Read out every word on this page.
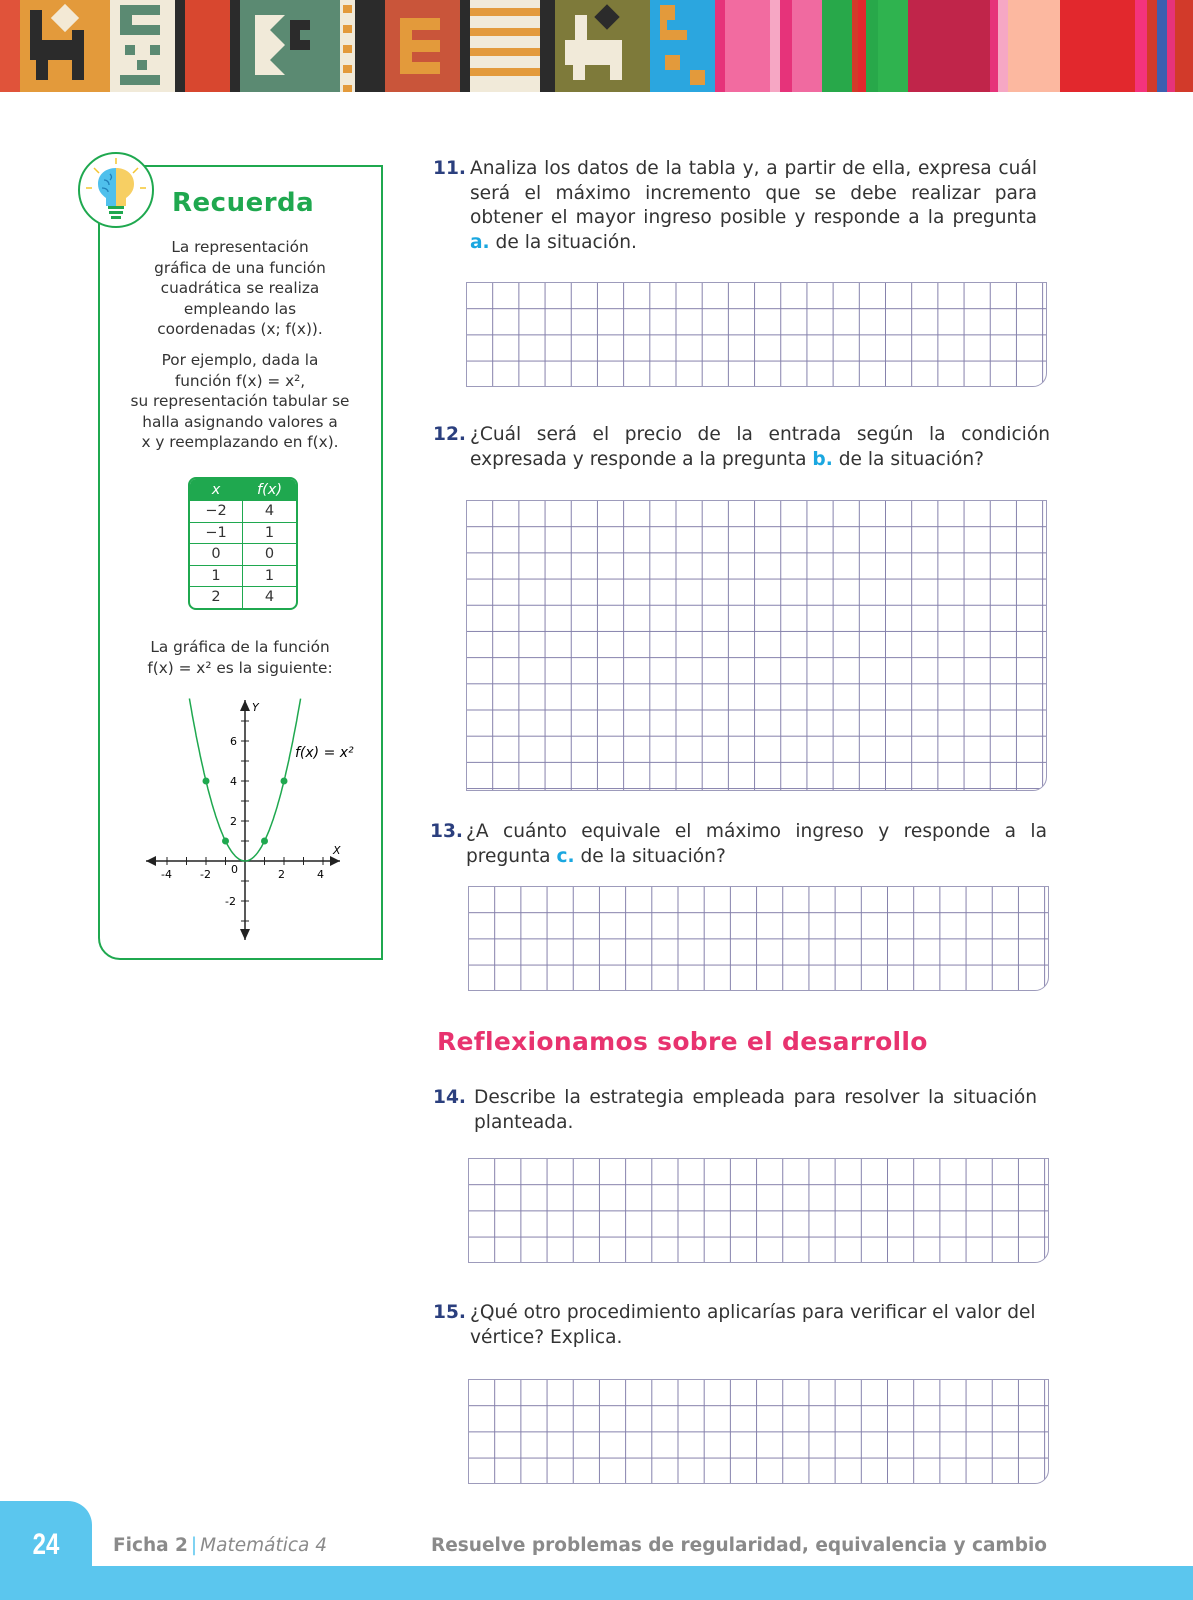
Recuerda
La representación
gráfica de una función
cuadrática se realiza
empleando las
coordenadas (x; f(x)).
Por ejemplo, dada la
función f(x) = x²,
su representación tabular se
halla asignando valores a
x y reemplazando en f(x).
x	f(x)
−2	4
−1	1
0	0
1	1
2	4
La gráfica de la función
f(x) = x² es la siguiente:
Y
X
f(x) = x²
-4	-2 0	2	4
6
4
2
-2
11. Analiza los datos de la tabla y, a partir de ella, expresa cuál será el máximo incremento que se debe realizar para obtener el mayor ingreso posible y responde a la pregunta a. de la situación.
12. ¿Cuál será el precio de la entrada según la condición expresada y responde a la pregunta b. de la situación?
13. ¿A cuánto equivale el máximo ingreso y responde a la pregunta c. de la situación?
Reflexionamos sobre el desarrollo
14. Describe la estrategia empleada para resolver la situación planteada.
15. ¿Qué otro procedimiento aplicarías para verificar el valor del vértice? Explica.
24	Ficha 2 | Matemática 4	Resuelve problemas de regularidad, equivalencia y cambio
